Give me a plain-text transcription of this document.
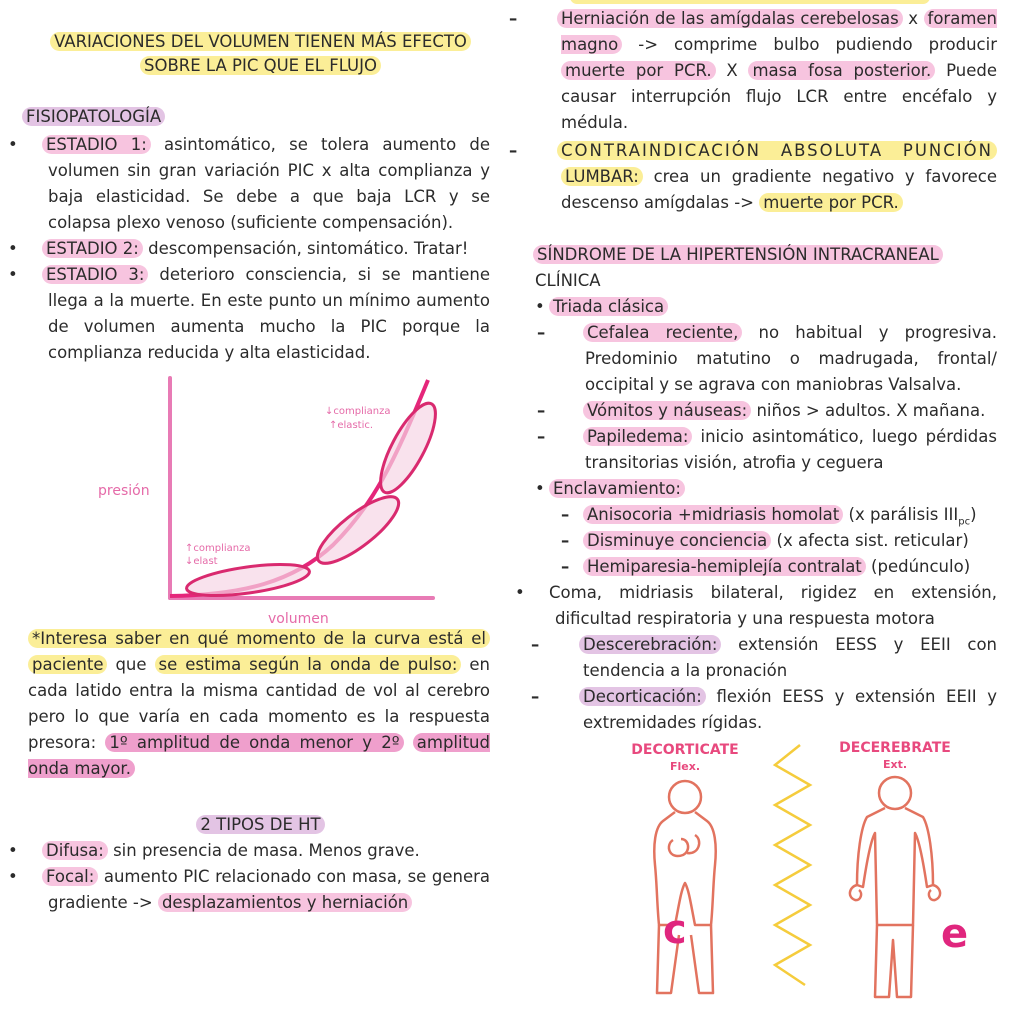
VARIACIONES DEL VOLUMEN TIENEN MÁS EFECTO
SOBRE LA PIC QUE EL FLUJO
FISIOPATOLOGÍA
• ESTADIO 1: asintomático, se tolera aumento de volumen sin gran variación PIC x alta complianza y baja elasticidad. Se debe a que baja LCR y se colapsa plexo venoso (suficiente compensación).
• ESTADIO 2: descompensación, sintomático. Tratar!
• ESTADIO 3: deterioro consciencia, si se mantiene llega a la muerte. En este punto un mínimo aumento de volumen aumenta mucho la PIC porque la complianza reducida y alta elasticidad.
presión
volumen
↓complianza
↑elastic.
↑complianza
↓elast
*Interesa saber en qué momento de la curva está el paciente que se estima según la onda de pulso: en cada latido entra la misma cantidad de vol al cerebro pero lo que varía en cada momento es la respuesta presora: 1º amplitud de onda menor y 2º amplitud onda mayor.
2 TIPOS DE HT
• Difusa: sin presencia de masa. Menos grave.
• Focal: aumento PIC relacionado con masa, se genera gradiente -> desplazamientos y herniación
–	Herniación de las amígdalas cerebelosas x foramen magno -> comprime bulbo pudiendo producir muerte por PCR. X masa fosa posterior. Puede causar interrupción flujo LCR entre encéfalo y médula.
–	CONTRAINDICACIÓN ABSOLUTA PUNCIÓN LUMBAR: crea un gradiente negativo y favorece descenso amígdalas -> muerte por PCR.
SÍNDROME DE LA HIPERTENSIÓN INTRACRANEAL
CLÍNICA
• Triada clásica
–	Cefalea reciente, no habitual y progresiva. Predominio matutino o madrugada, frontal/ occipital y se agrava con maniobras Valsalva.
–	Vómitos y náuseas: niños > adultos. X mañana.
–	Papiledema: inicio asintomático, luego pérdidas transitorias visión, atrofia y ceguera
• Enclavamiento:
– Anisocoria +midriasis homolat (x parálisis $III_{pc}$)
– Disminuye conciencia (x afecta sist. reticular)
– Hemiparesia-hemiplejía contralat (pedúnculo)
• Coma, midriasis bilateral, rigidez en extensión, dificultad respiratoria y una respuesta motora
–	Descerebración: extensión EESS y EEII con tendencia a la pronación
–	Decorticación: flexión EESS y extensión EEII y extremidades rígidas.
DECORTICATE
Flex.
DECEREBRATE
Ext.
c	e
